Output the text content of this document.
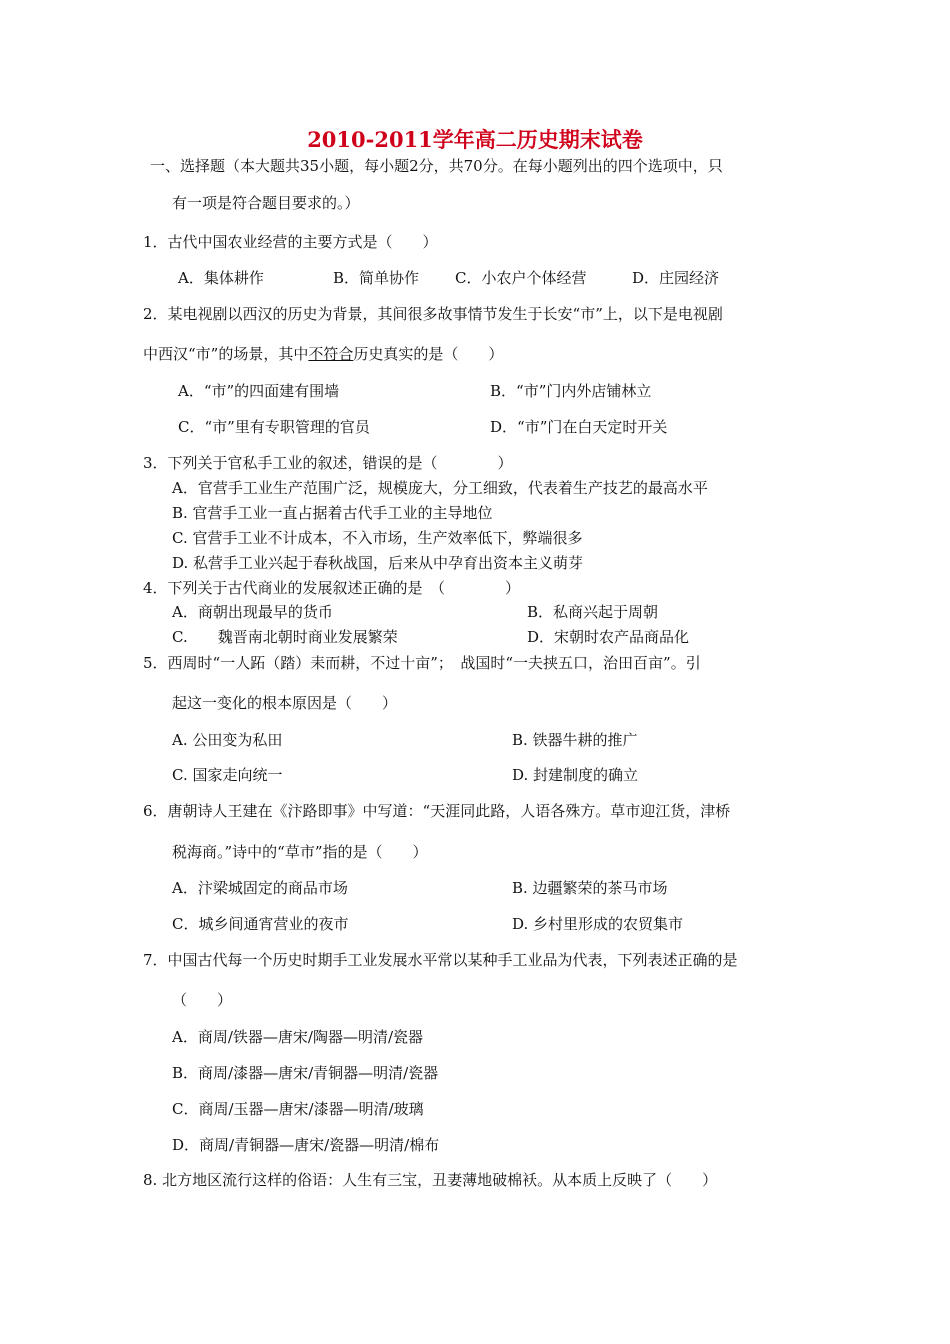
2010-2011学年高二历史期末试卷
一、选择题（本大题共35小题，每小题2分，共70分。在每小题列出的四个选项中，只
有一项是符合题目要求的。）
1．古代中国农业经营的主要方式是（　　）
A．集体耕作	B．简单协作 C．小农户个体经营	D．庄园经济
2．某电视剧以西汉的历史为背景，其间很多故事情节发生于长安“市”上，以下是电视剧
中西汉“市”的场景，其中不符合历史真实的是（　　）
A．“市”的四面建有围墙	B．“市”门内外店铺林立
C．“市”里有专职管理的官员	D．“市”门在白天定时开关
3．下列关于官私手工业的叙述，错误的是（　　　　）
A．官营手工业生产范围广泛，规模庞大，分工细致，代表着生产技艺的最高水平
B. 官营手工业一直占据着古代手工业的主导地位
C. 官营手工业不计成本，不入市场，生产效率低下，弊端很多
D. 私营手工业兴起于春秋战国，后来从中孕育出资本主义萌芽
4．下列关于古代商业的发展叙述正确的是　（　　　　）
A．商朝出现最早的货币	B．私商兴起于周朝
C.　　魏晋南北朝时商业发展繁荣	D．宋朝时农产品商品化
5．西周时“一人跖（踏）耒而耕，不过十亩”；　战国时“一夫挟五口，治田百亩”。引
起这一变化的根本原因是（　　）
A. 公田变为私田	B. 铁器牛耕的推广
C. 国家走向统一	D. 封建制度的确立
6．唐朝诗人王建在《汴路即事》中写道：“天涯同此路，人语各殊方。草市迎江货，津桥
税海商。”诗中的“草市”指的是（　　）
A．汴梁城固定的商品市场	B. 边疆繁荣的茶马市场
C．城乡间通宵营业的夜市	D. 乡村里形成的农贸集市
7．中国古代每一个历史时期手工业发展水平常以某种手工业品为代表，下列表述正确的是
（　　）
A．商周/铁器—唐宋/陶器—明清/瓷器
B．商周/漆器—唐宋/青铜器—明清/瓷器
C．商周/玉器—唐宋/漆器—明清/玻璃
D．商周/青铜器—唐宋/瓷器—明清/棉布
8. 北方地区流行这样的俗语：人生有三宝，丑妻薄地破棉袄。从本质上反映了（　　）
